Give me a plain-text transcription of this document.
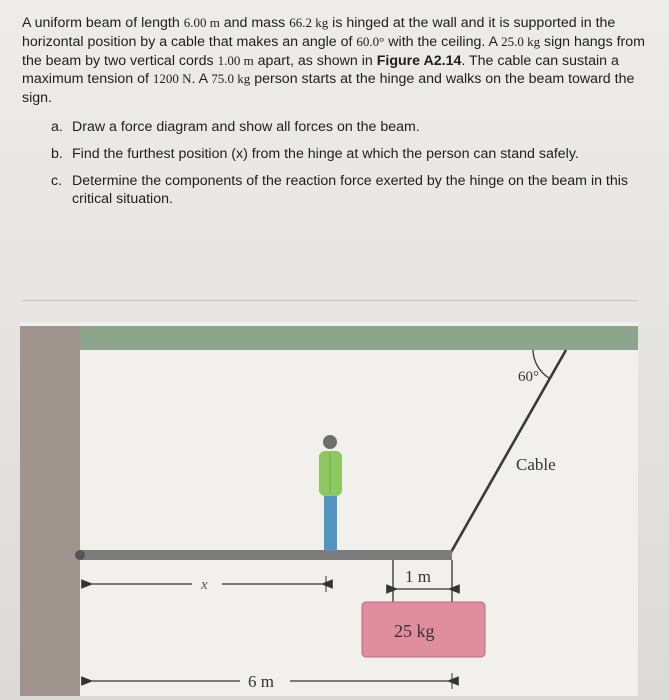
A uniform beam of length 6.00 m and mass 66.2 kg is hinged at the wall and it is supported in the horizontal position by a cable that makes an angle of 60.0° with the ceiling. A 25.0 kg sign hangs from the beam by two vertical cords 1.00 m apart, as shown in Figure A2.14. The cable can sustain a maximum tension of 1200 N. A 75.0 kg person starts at the hinge and walks on the beam toward the sign.

a. Draw a force diagram and show all forces on the beam.
b. Find the furthest position (x) from the hinge at which the person can stand safely.
c. Determine the components of the reaction force exerted by the hinge on the beam in this critical situation.
60°
Cable
1 m
25 kg
x
6 m
